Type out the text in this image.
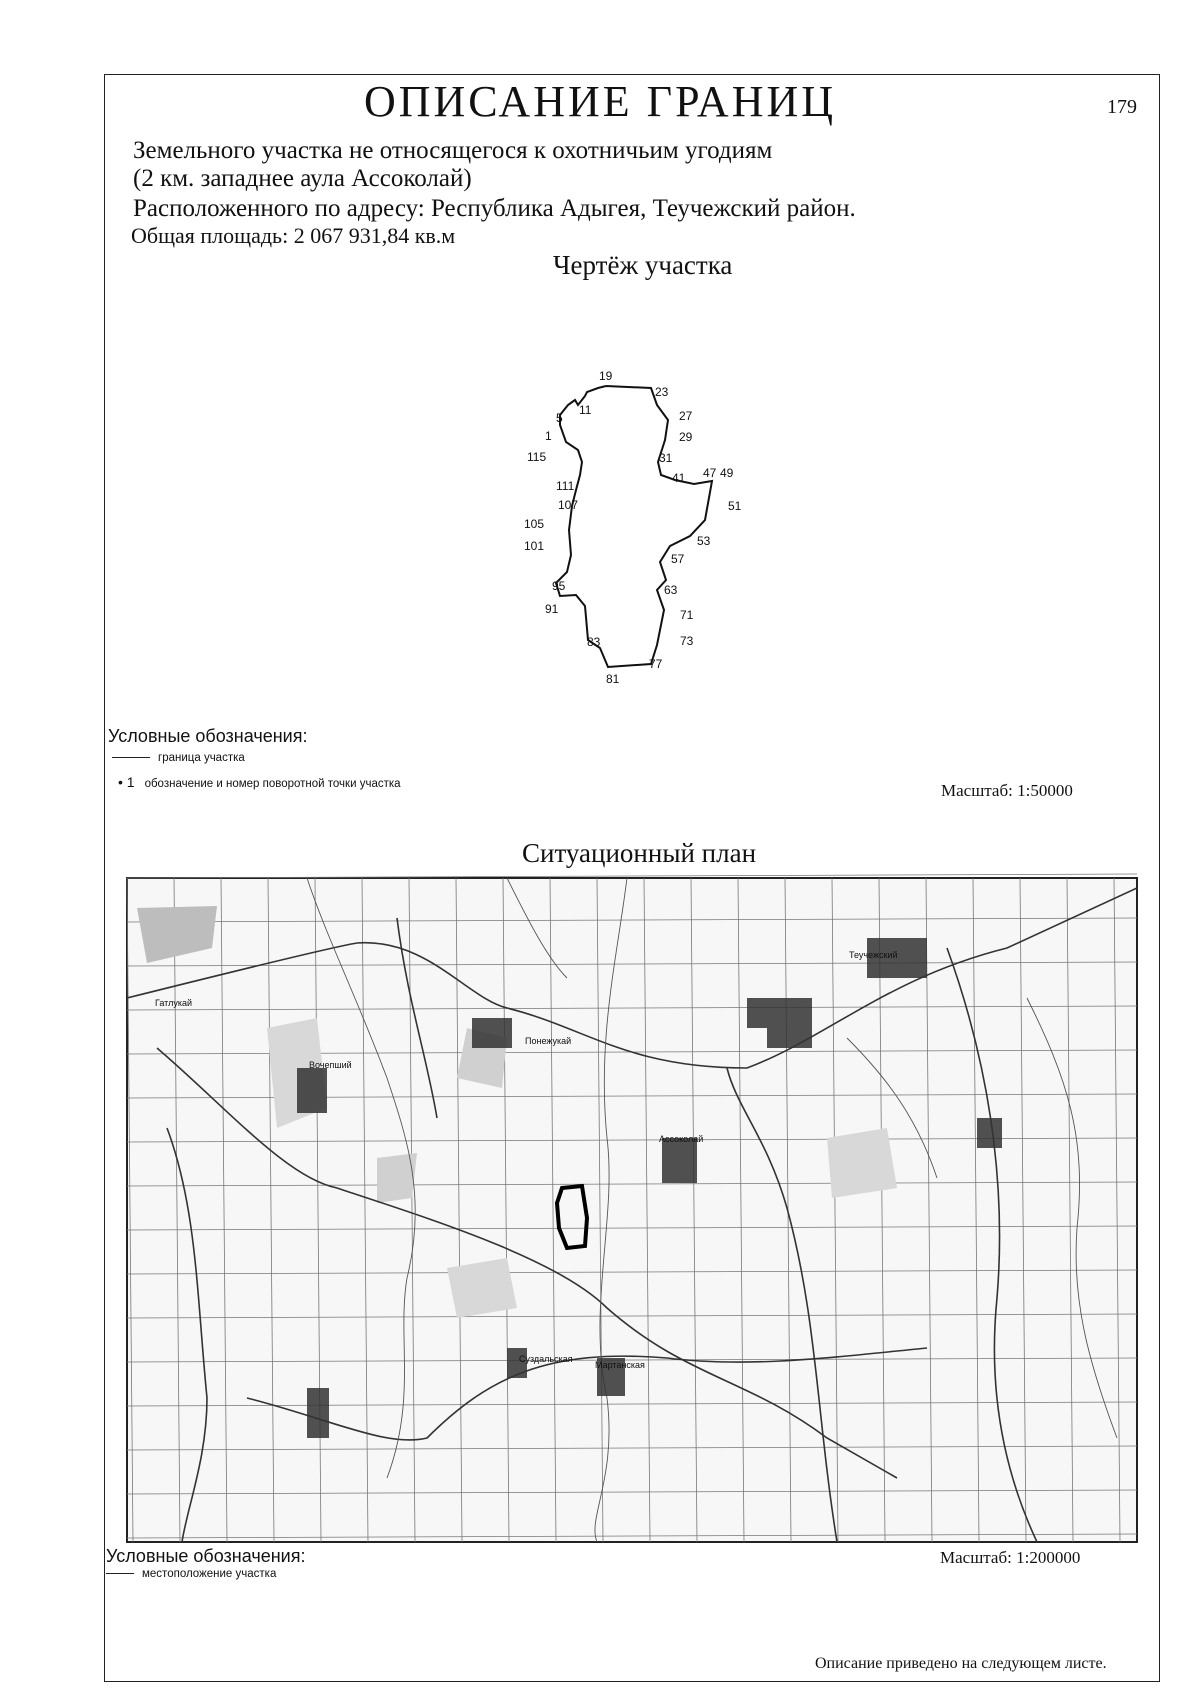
ОПИСАНИЕ ГРАНИЦ	179
Земельного участка не относящегося к охотничьим угодиям
(2 км. западнее аула Ассоколай)
Расположенного по адресу: Республика Адыгея, Теучежский район.
Общая площадь: 2 067 931,84 кв.м
Чертёж участка
19
23
11
5	27
1	29
115	31
41 47 49
111
51
107
105
53
101
57
95	63
91	71
83	73
77
81
Условные обозначения:
граница участка
• 1 обозначение и номер поворотной точки участка	Масштаб: 1:50000
Ситуационный план
Теучежский
Понежукай
Вочепший
Ассоколай
Суздальская
Мартанская
Гатлукай
Условные обозначения:
местоположение участка
Масштаб: 1:200000
Описание приведено на следующем листе.
